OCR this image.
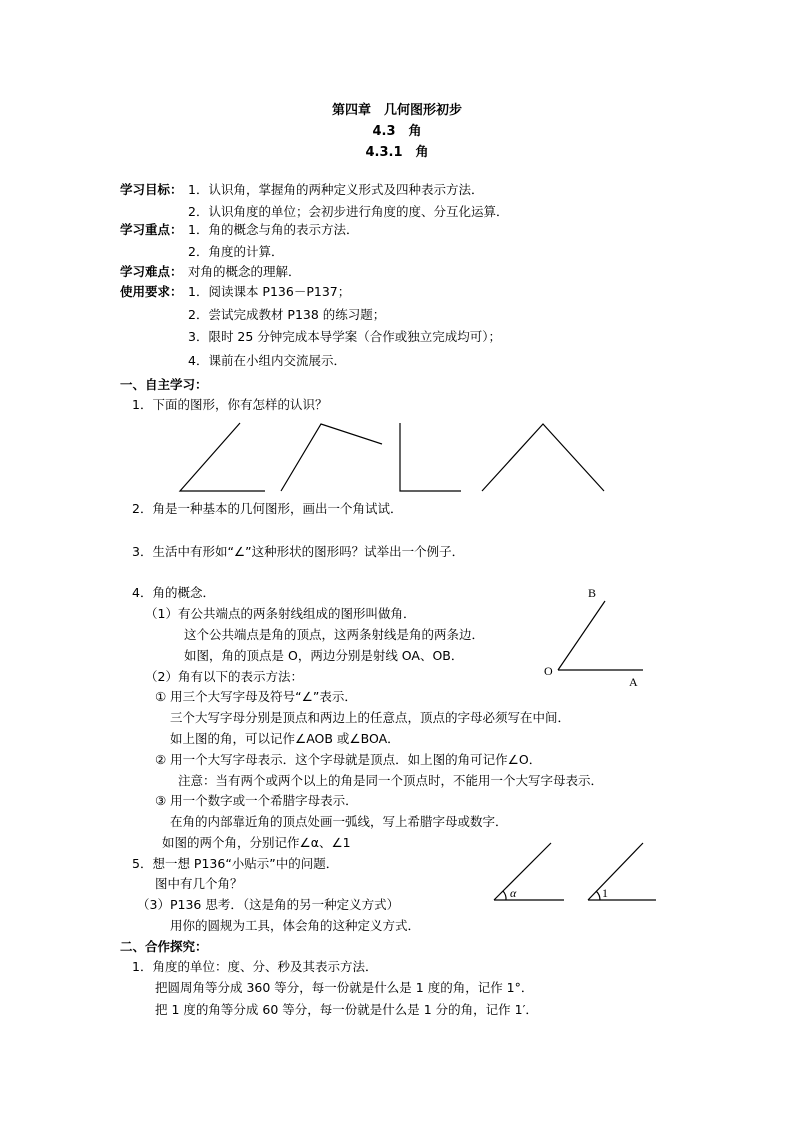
第四章　几何图形初步
4.3　角
4.3.1　角
学习目标： 1．认识角，掌握角的两种定义形式及四种表示方法．
2．认识角度的单位；会初步进行角度的度、分互化运算．
学习重点： 1．角的概念与角的表示方法．
2．角度的计算．
学习难点： 对角的概念的理解．
使用要求： 1．阅读课本 P136－P137；
2．尝试完成教材 P138 的练习题；
3．限时 25 分钟完成本导学案（合作或独立完成均可）；
4．课前在小组内交流展示．
一、自主学习：
1．下面的图形，你有怎样的认识？
B
O
A
α	1
2．角是一种基本的几何图形，画出一个角试试．
3．生活中有形如“∠”这种形状的图形吗？试举出一个例子．
4．角的概念．
（1）有公共端点的两条射线组成的图形叫做角．
这个公共端点是角的顶点，这两条射线是角的两条边．
如图，角的顶点是 O，两边分别是射线 OA、OB．
（2）角有以下的表示方法：
① 用三个大写字母及符号“∠”表示．
三个大写字母分别是顶点和两边上的任意点，顶点的字母必须写在中间．
如上图的角，可以记作∠AOB 或∠BOA．
② 用一个大写字母表示．这个字母就是顶点．如上图的角可记作∠O．
注意：当有两个或两个以上的角是同一个顶点时，不能用一个大写字母表示．
③ 用一个数字或一个希腊字母表示．
在角的内部靠近角的顶点处画一弧线，写上希腊字母或数字．
如图的两个角，分别记作∠α、∠1
5．想一想 P136“小贴示”中的问题．
图中有几个角？
（3）P136 思考．（这是角的另一种定义方式）
用你的圆规为工具，体会角的这种定义方式．
二、合作探究：
1．角度的单位：度、分、秒及其表示方法．
把圆周角等分成 360 等分，每一份就是什么是 1 度的角，记作 1°．
把 1 度的角等分成 60 等分，每一份就是什么是 1 分的角，记作 1′．
